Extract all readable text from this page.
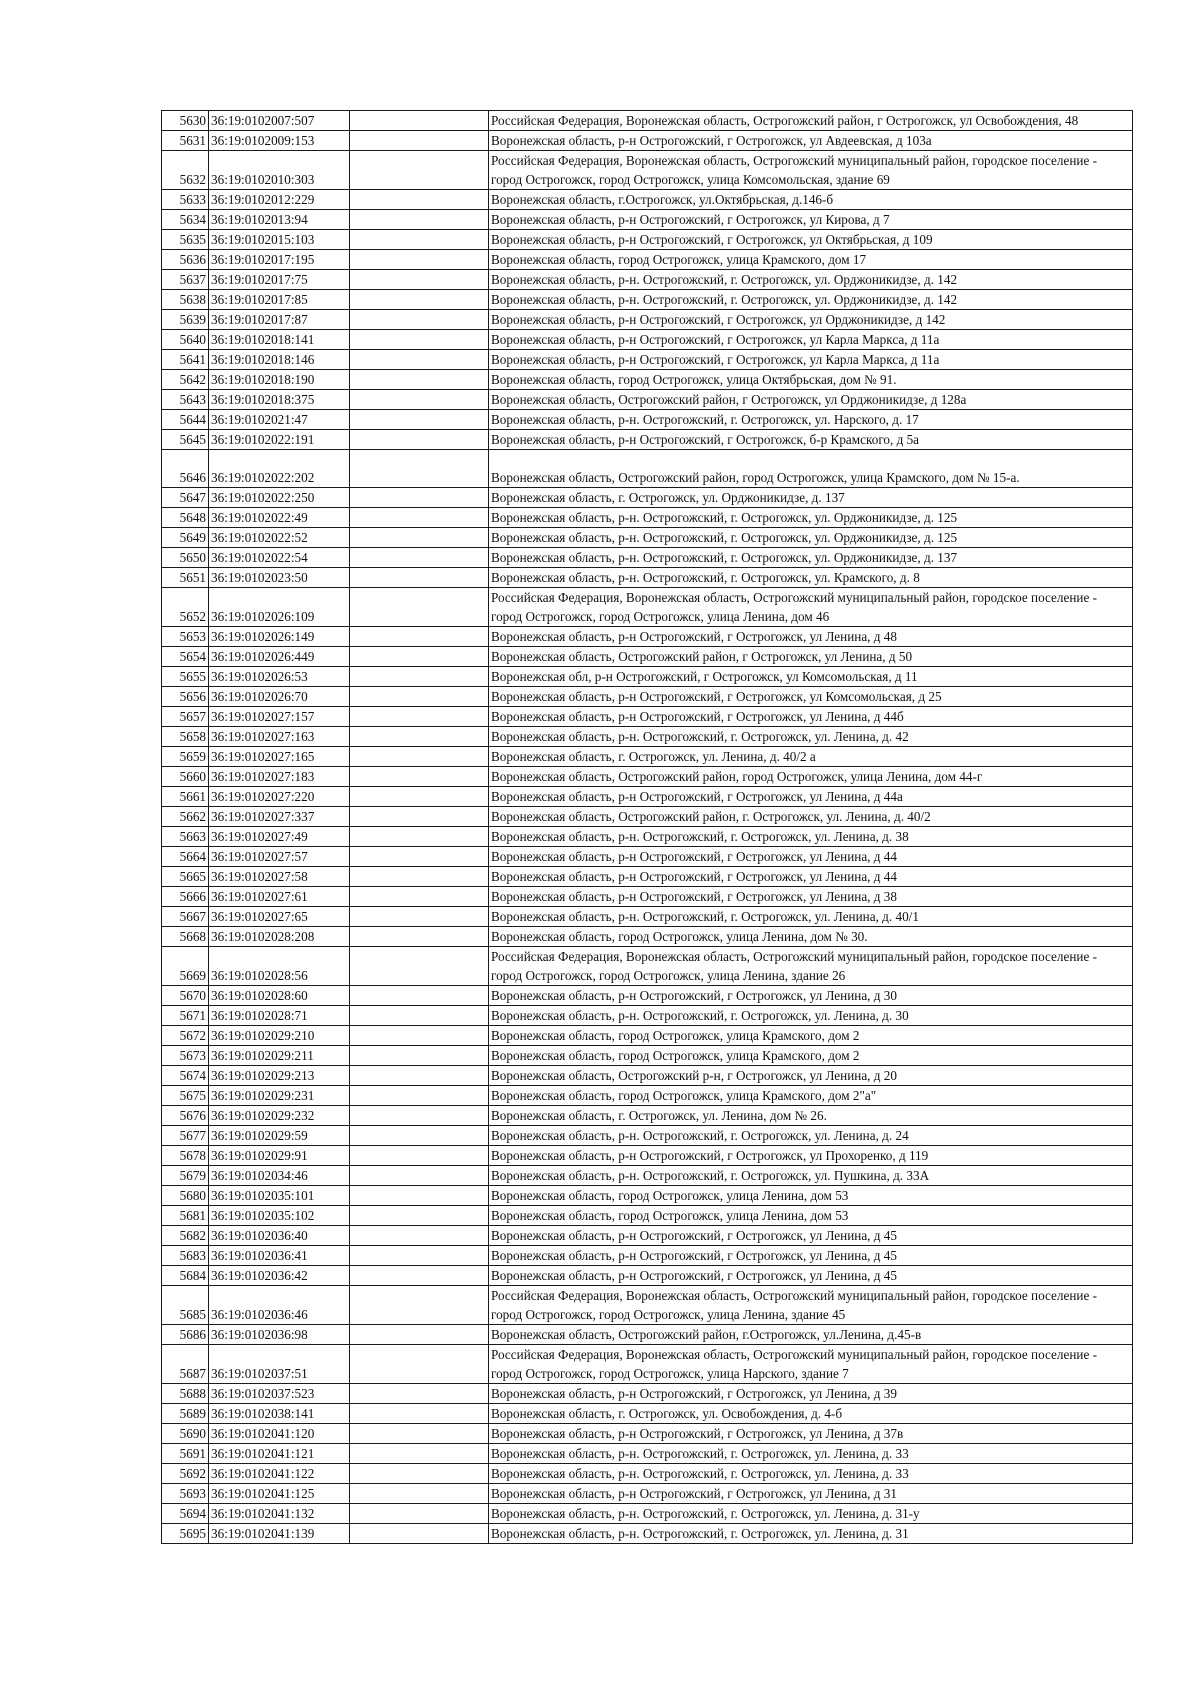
5630	36:19:0102007:507		Российская Федерация, Воронежская область, Острогожский район, г Острогожск, ул Освобождения, 48
5631	36:19:0102009:153		Воронежская область, р-н Острогожский, г Острогожск, ул Авдеевская, д 103а
5632	36:19:0102010:303		Российская Федерация, Воронежская область, Острогожский муниципальный район, городское поселение - город Острогожск, город Острогожск, улица Комсомольская, здание 69
5633	36:19:0102012:229		Воронежская область, г.Острогожск, ул.Октябрьская, д.146-б
5634	36:19:0102013:94		Воронежская область, р-н Острогожский, г Острогожск, ул Кирова, д 7
5635	36:19:0102015:103		Воронежская область, р-н Острогожский, г Острогожск, ул Октябрьская, д 109
5636	36:19:0102017:195		Воронежская область, город Острогожск, улица Крамского, дом 17
5637	36:19:0102017:75		Воронежская область, р-н. Острогожский, г. Острогожск, ул. Орджоникидзе, д. 142
5638	36:19:0102017:85		Воронежская область, р-н. Острогожский, г. Острогожск, ул. Орджоникидзе, д. 142
5639	36:19:0102017:87		Воронежская область, р-н Острогожский, г Острогожск, ул Орджоникидзе, д 142
5640	36:19:0102018:141		Воронежская область, р-н Острогожский, г Острогожск, ул Карла Маркса, д 11а
5641	36:19:0102018:146		Воронежская область, р-н Острогожский, г Острогожск, ул Карла Маркса, д 11а
5642	36:19:0102018:190		Воронежская область, город Острогожск, улица Октябрьская, дом № 91.
5643	36:19:0102018:375		Воронежская область, Острогожский район, г Острогожск, ул Орджоникидзе, д 128а
5644	36:19:0102021:47		Воронежская область, р-н. Острогожский, г. Острогожск, ул. Нарского, д. 17
5645	36:19:0102022:191		Воронежская область, р-н Острогожский, г Острогожск, б-р Крамского, д 5а
5646	36:19:0102022:202		Воронежская область, Острогожский район, город Острогожск, улица Крамского, дом № 15-а.
5647	36:19:0102022:250		Воронежская область, г. Острогожск, ул. Орджоникидзе, д. 137
5648	36:19:0102022:49		Воронежская область, р-н. Острогожский, г. Острогожск, ул. Орджоникидзе, д. 125
5649	36:19:0102022:52		Воронежская область, р-н. Острогожский, г. Острогожск, ул. Орджоникидзе, д. 125
5650	36:19:0102022:54		Воронежская область, р-н. Острогожский, г. Острогожск, ул. Орджоникидзе, д. 137
5651	36:19:0102023:50		Воронежская область, р-н. Острогожский, г. Острогожск, ул. Крамского, д. 8
5652	36:19:0102026:109		Российская Федерация, Воронежская область, Острогожский муниципальный район, городское поселение - город Острогожск, город Острогожск, улица Ленина, дом 46
5653	36:19:0102026:149		Воронежская область, р-н Острогожский, г Острогожск, ул Ленина, д 48
5654	36:19:0102026:449		Воронежская область, Острогожский район, г Острогожск, ул Ленина, д 50
5655	36:19:0102026:53		Воронежская обл, р-н Острогожский, г Острогожск, ул Комсомольская, д 11
5656	36:19:0102026:70		Воронежская область, р-н Острогожский, г Острогожск, ул Комсомольская, д 25
5657	36:19:0102027:157		Воронежская область, р-н Острогожский, г Острогожск, ул Ленина, д 44б
5658	36:19:0102027:163		Воронежская область, р-н. Острогожский, г. Острогожск, ул. Ленина, д. 42
5659	36:19:0102027:165		Воронежская область, г. Острогожск, ул. Ленина, д. 40/2 а
5660	36:19:0102027:183		Воронежская область, Острогожский район, город Острогожск, улица Ленина, дом 44-г
5661	36:19:0102027:220		Воронежская область, р-н Острогожский, г Острогожск, ул Ленина, д 44а
5662	36:19:0102027:337		Воронежская область, Острогожский район, г. Острогожск, ул. Ленина, д. 40/2
5663	36:19:0102027:49		Воронежская область, р-н. Острогожский, г. Острогожск, ул. Ленина, д. 38
5664	36:19:0102027:57		Воронежская область, р-н Острогожский, г Острогожск, ул Ленина, д 44
5665	36:19:0102027:58		Воронежская область, р-н Острогожский, г Острогожск, ул Ленина, д 44
5666	36:19:0102027:61		Воронежская область, р-н Острогожский, г Острогожск, ул Ленина, д 38
5667	36:19:0102027:65		Воронежская область, р-н. Острогожский, г. Острогожск, ул. Ленина, д. 40/1
5668	36:19:0102028:208		Воронежская область, город Острогожск, улица Ленина, дом № 30.
5669	36:19:0102028:56		Российская Федерация, Воронежская область, Острогожский муниципальный район, городское поселение - город Острогожск, город Острогожск, улица Ленина, здание 26
5670	36:19:0102028:60		Воронежская область, р-н Острогожский, г Острогожск, ул Ленина, д 30
5671	36:19:0102028:71		Воронежская область, р-н. Острогожский, г. Острогожск, ул. Ленина, д. 30
5672	36:19:0102029:210		Воронежская область, город Острогожск, улица Крамского, дом 2
5673	36:19:0102029:211		Воронежская область, город Острогожск, улица Крамского, дом 2
5674	36:19:0102029:213		Воронежская область, Острогожский р-н, г Острогожск, ул Ленина, д 20
5675	36:19:0102029:231		Воронежская область, город Острогожск, улица Крамского, дом 2"а"
5676	36:19:0102029:232		Воронежская область, г. Острогожск, ул. Ленина, дом № 26.
5677	36:19:0102029:59		Воронежская область, р-н. Острогожский, г. Острогожск, ул. Ленина, д. 24
5678	36:19:0102029:91		Воронежская область, р-н Острогожский, г Острогожск, ул Прохоренко, д 119
5679	36:19:0102034:46		Воронежская область, р-н. Острогожский, г. Острогожск, ул. Пушкина, д. 33А
5680	36:19:0102035:101		Воронежская область, город Острогожск, улица Ленина, дом 53
5681	36:19:0102035:102		Воронежская область, город Острогожск, улица Ленина, дом 53
5682	36:19:0102036:40		Воронежская область, р-н Острогожский, г Острогожск, ул Ленина, д 45
5683	36:19:0102036:41		Воронежская область, р-н Острогожский, г Острогожск, ул Ленина, д 45
5684	36:19:0102036:42		Воронежская область, р-н Острогожский, г Острогожск, ул Ленина, д 45
5685	36:19:0102036:46		Российская Федерация, Воронежская область, Острогожский муниципальный район, городское поселение - город Острогожск, город Острогожск, улица Ленина, здание 45
5686	36:19:0102036:98		Воронежская область, Острогожский район, г.Острогожск, ул.Ленина, д.45-в
5687	36:19:0102037:51		Российская Федерация, Воронежская область, Острогожский муниципальный район, городское поселение - город Острогожск, город Острогожск, улица Нарского, здание 7
5688	36:19:0102037:523		Воронежская область, р-н Острогожский, г Острогожск, ул Ленина, д 39
5689	36:19:0102038:141		Воронежская область, г. Острогожск, ул. Освобождения, д. 4-б
5690	36:19:0102041:120		Воронежская область, р-н Острогожский, г Острогожск, ул Ленина, д 37в
5691	36:19:0102041:121		Воронежская область, р-н. Острогожский, г. Острогожск, ул. Ленина, д. 33
5692	36:19:0102041:122		Воронежская область, р-н. Острогожский, г. Острогожск, ул. Ленина, д. 33
5693	36:19:0102041:125		Воронежская область, р-н Острогожский, г Острогожск, ул Ленина, д 31
5694	36:19:0102041:132		Воронежская область, р-н. Острогожский, г. Острогожск, ул. Ленина, д. 31-у
5695	36:19:0102041:139		Воронежская область, р-н. Острогожский, г. Острогожск, ул. Ленина, д. 31
